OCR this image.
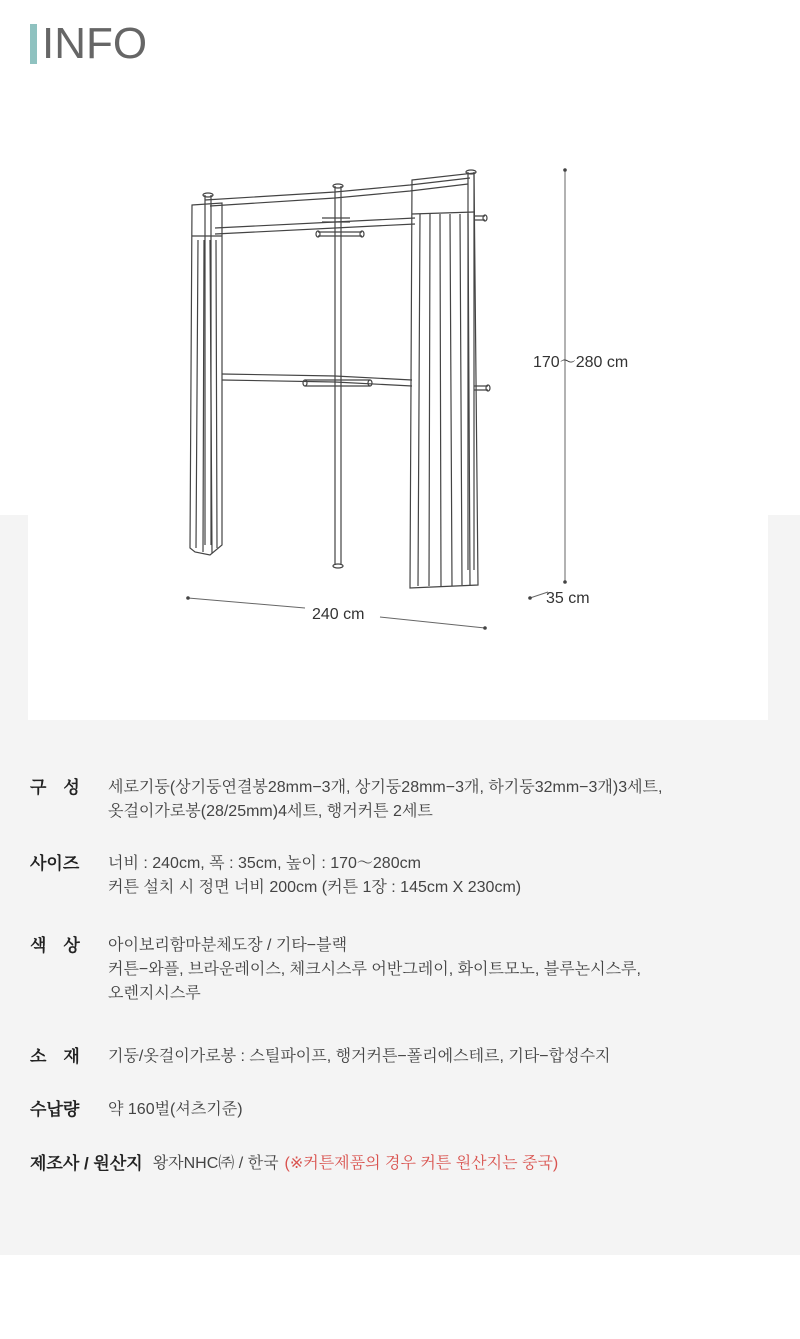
INFO
170～280 cm
35 cm
240 cm
구　성	세로기둥(상기둥연결봉28mm−3개, 상기둥28mm−3개, 하기둥32mm−3개)3세트,
옷걸이가로봉(28/25mm)4세트, 행거커튼 2세트
사이즈	너비 : 240cm, 폭 : 35cm, 높이 : 170～280cm
커튼 설치 시 정면 너비 200cm (커튼 1장 : 145cm X 230cm)
색　상	아이보리함마분체도장 / 기타−블랙
커튼−와플, 브라운레이스, 체크시스루 어반그레이, 화이트모노, 블루논시스루,
오렌지시스루
소　재	기둥/옷걸이가로봉 : 스틸파이프, 행거커튼−폴리에스테르, 기타−합성수지
수납량	약 160벌(셔츠기준)
제조사 / 원산지 왕자NHC㈜ / 한국 (※커튼제품의 경우 커튼 원산지는 중국)
